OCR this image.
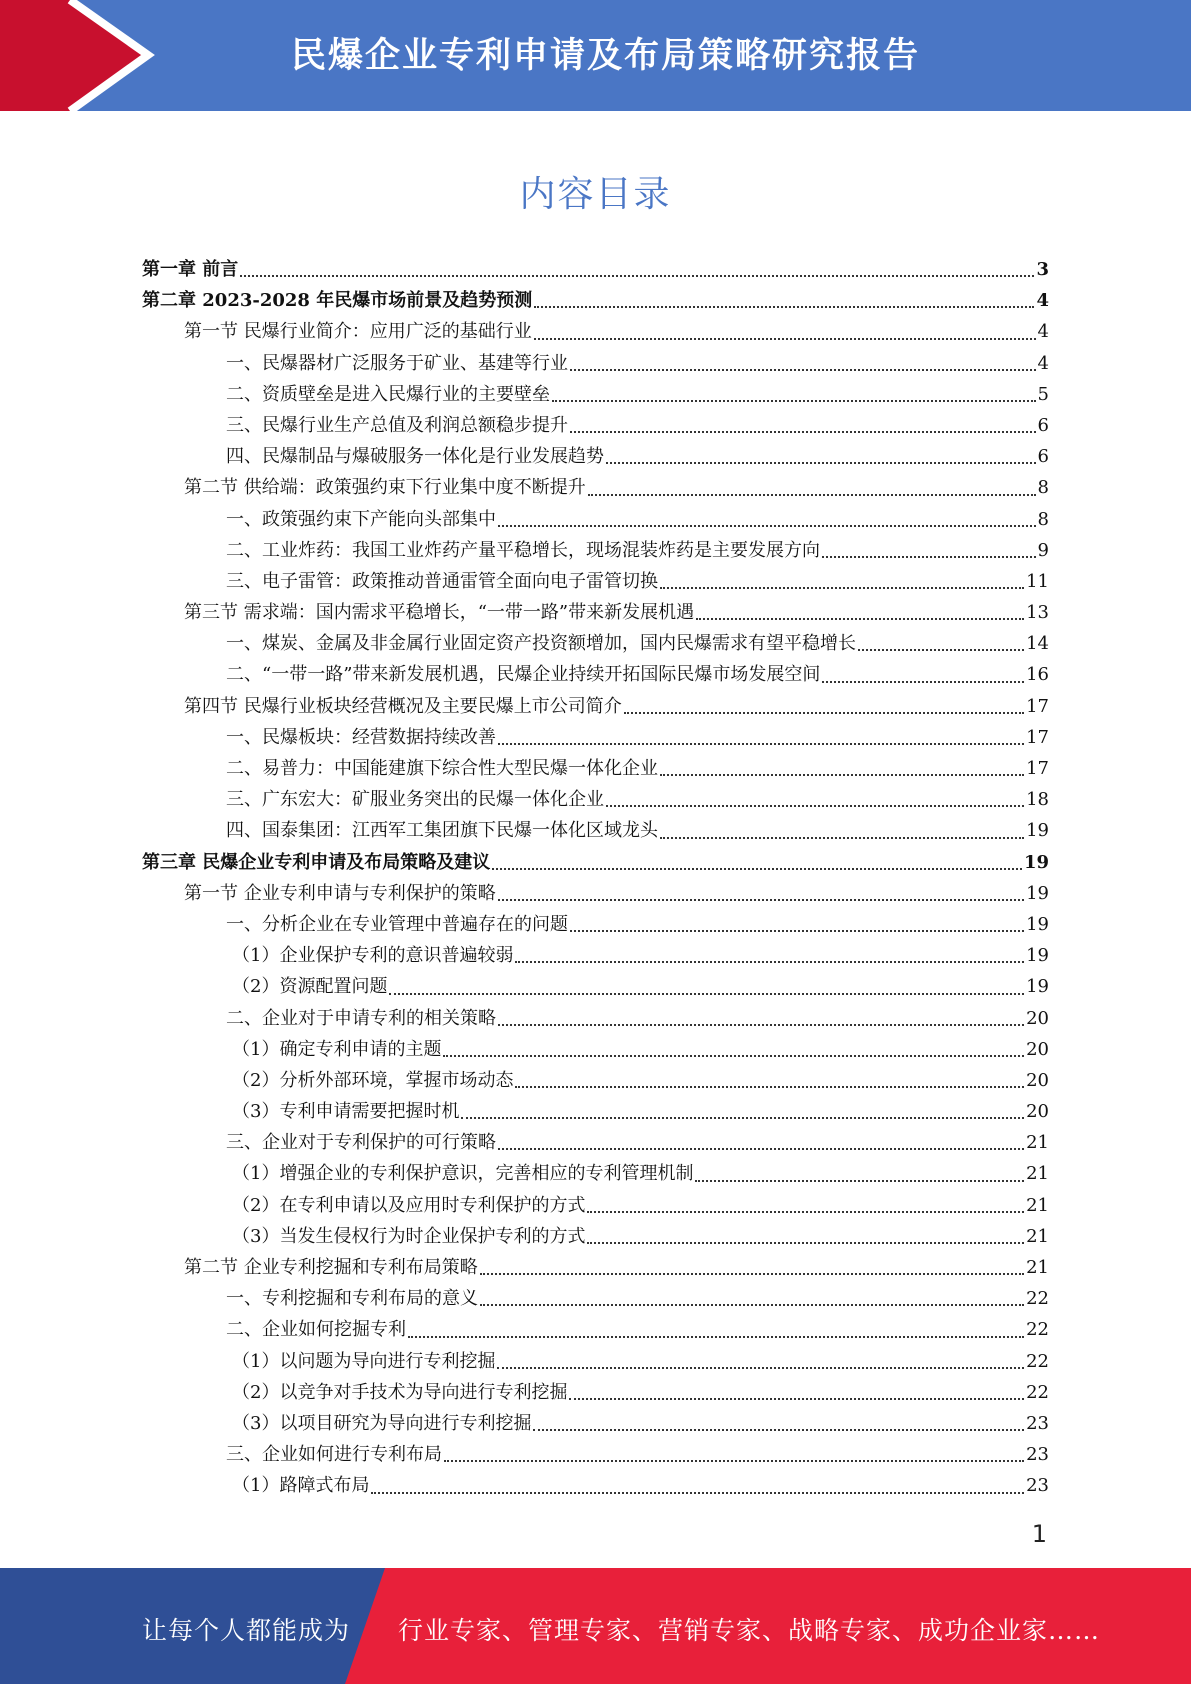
民爆企业专利申请及布局策略研究报告
内容目录
第一章 前言	3
第二章 2023-2028 年民爆市场前景及趋势预测	4
第一节 民爆行业简介：应用广泛的基础行业	4
一、民爆器材广泛服务于矿业、基建等行业	4
二、资质壁垒是进入民爆行业的主要壁垒	5
三、民爆行业生产总值及利润总额稳步提升	6
四、民爆制品与爆破服务一体化是行业发展趋势	6
第二节 供给端：政策强约束下行业集中度不断提升	8
一、政策强约束下产能向头部集中	8
二、工业炸药：我国工业炸药产量平稳增长，现场混装炸药是主要发展方向	9
三、电子雷管：政策推动普通雷管全面向电子雷管切换	11
第三节 需求端：国内需求平稳增长，“一带一路”带来新发展机遇	13
一、煤炭、金属及非金属行业固定资产投资额增加，国内民爆需求有望平稳增长	14
二、“一带一路”带来新发展机遇，民爆企业持续开拓国际民爆市场发展空间	16
第四节 民爆行业板块经营概况及主要民爆上市公司简介	17
一、民爆板块：经营数据持续改善	17
二、易普力：中国能建旗下综合性大型民爆一体化企业	17
三、广东宏大：矿服业务突出的民爆一体化企业	18
四、国泰集团：江西军工集团旗下民爆一体化区域龙头	19
第三章 民爆企业专利申请及布局策略及建议	19
第一节 企业专利申请与专利保护的策略	19
一、分析企业在专业管理中普遍存在的问题	19
（1）企业保护专利的意识普遍较弱	19
（2）资源配置问题	19
二、企业对于申请专利的相关策略	20
（1）确定专利申请的主题	20
（2）分析外部环境，掌握市场动态	20
（3）专利申请需要把握时机	20
三、企业对于专利保护的可行策略	21
（1）增强企业的专利保护意识，完善相应的专利管理机制	21
（2）在专利申请以及应用时专利保护的方式	21
（3）当发生侵权行为时企业保护专利的方式	21
第二节 企业专利挖掘和专利布局策略	21
一、专利挖掘和专利布局的意义	22
二、企业如何挖掘专利	22
（1）以问题为导向进行专利挖掘	22
（2）以竞争对手技术为导向进行专利挖掘	22
（3）以项目研究为导向进行专利挖掘	23
三、企业如何进行专利布局	23
（1）路障式布局	23
1
让每个人都能成为 行业专家、管理专家、营销专家、战略专家、成功企业家……
